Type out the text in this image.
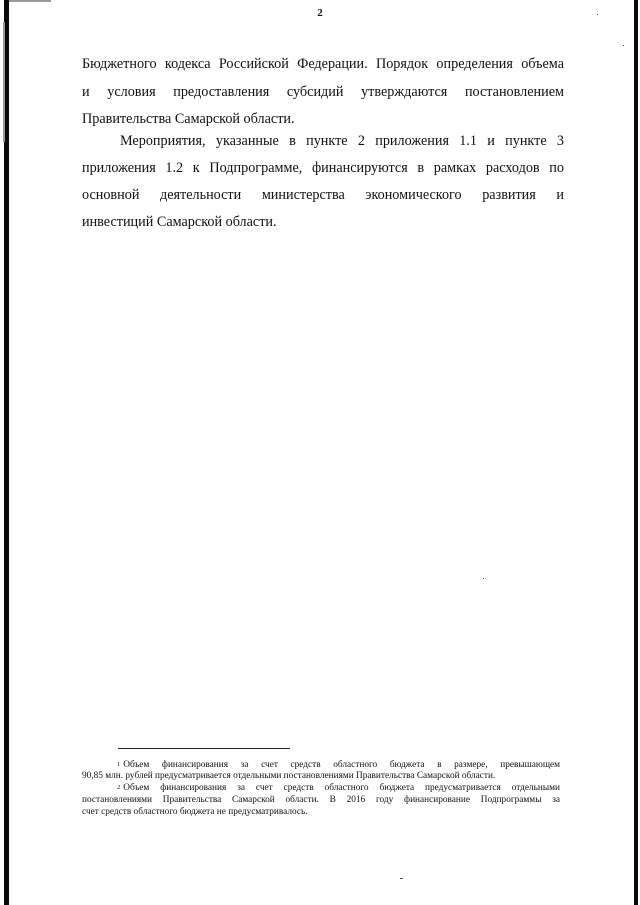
2
Бюджетного кодекса Российской Федерации. Порядок определения объема
и условия предоставления субсидий утверждаются постановлением
Правительства Самарской области.
Мероприятия, указанные в пункте 2 приложения 1.1 и пункте 3
приложения 1.2 к Подпрограмме, финансируются в рамках расходов по
основной деятельности министерства экономического развития и
инвестиций Самарской области.
$^1$ Объем финансирования за счет средств областного бюджета в размере, превышающем
90,85 млн. рублей предусматривается отдельными постановлениями Правительства Самарской области.
$^2$ Объем финансирования за счет средств областного бюджета предусматривается отдельными
постановлениями Правительства Самарской области. В 2016 году финансирование Подпрограммы за
счет средств областного бюджета не предусматривалось.
